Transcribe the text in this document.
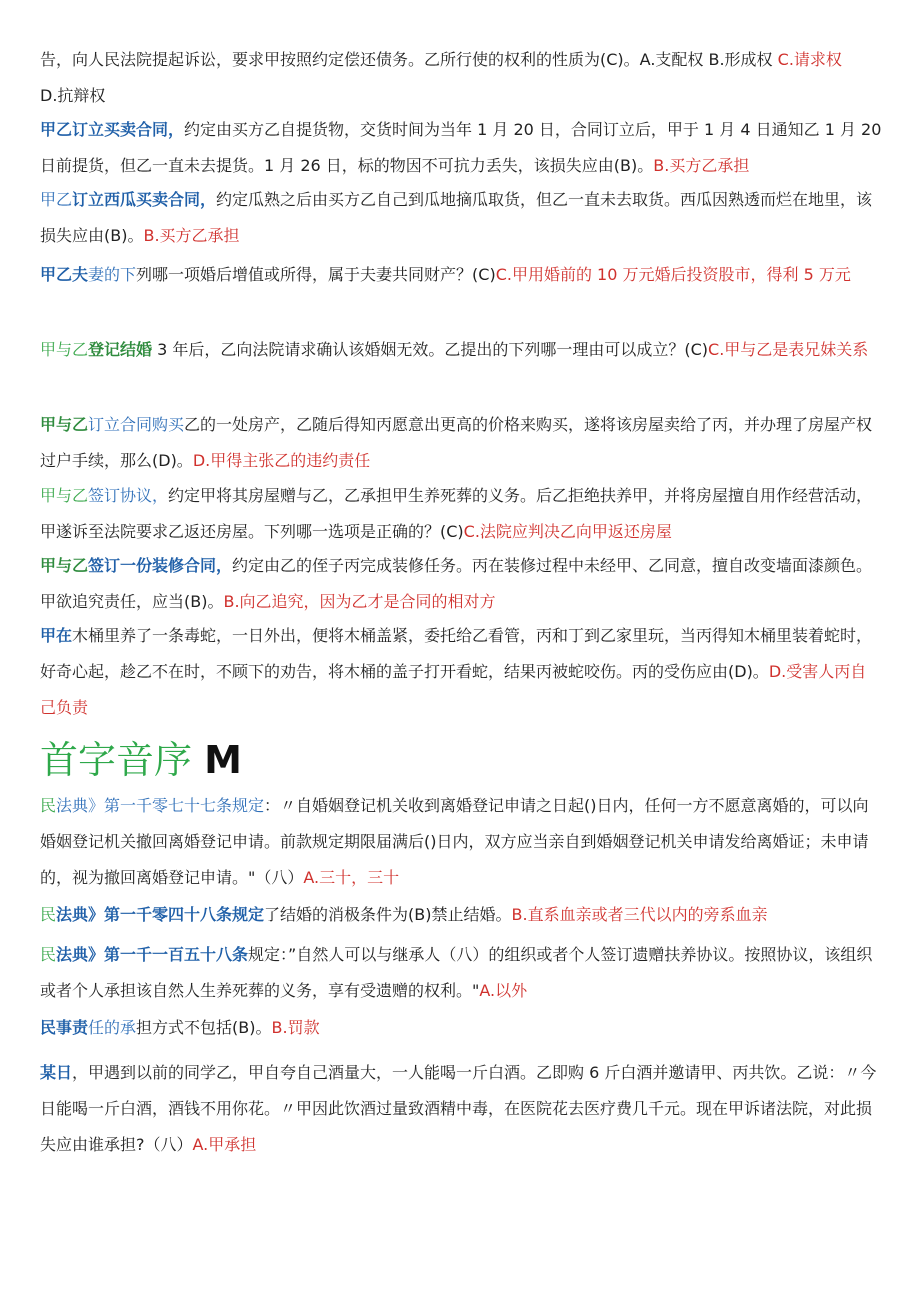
告，向人民法院提起诉讼，要求甲按照约定偿还债务。乙所行使的权利的性质为(C)。A.支配权 B.形成权 C.请求权
D.抗辩权

甲乙订立买卖合同，约定由买方乙自提货物，交货时间为当年 1 月 20 日，合同订立后，甲于 1 月 4 日通知乙 1 月 20 日前提货，但乙一直未去提货。1 月 26 日，标的物因不可抗力丢失，该损失应由(B)。B.买方乙承担

甲乙订立西瓜买卖合同，约定瓜熟之后由买方乙自己到瓜地摘瓜取货，但乙一直未去取货。西瓜因熟透而烂在地里，该损失应由(B)。B.买方乙承担

甲乙夫妻的下列哪一项婚后增值或所得，属于夫妻共同财产？(C)C.甲用婚前的 10 万元婚后投资股市，得利 5 万元

甲与乙登记结婚 3 年后，乙向法院请求确认该婚姻无效。乙提出的下列哪一理由可以成立？(C)C.甲与乙是表兄妹关系

甲与乙订立合同购买乙的一处房产，乙随后得知丙愿意出更高的价格来购买，遂将该房屋卖给了丙，并办理了房屋产权过户手续，那么(D)。D.甲得主张乙的违约责任

甲与乙签订协议，约定甲将其房屋赠与乙，乙承担甲生养死葬的义务。后乙拒绝扶养甲，并将房屋擅自用作经营活动，甲遂诉至法院要求乙返还房屋。下列哪一选项是正确的？(C)C.法院应判决乙向甲返还房屋

甲与乙签订一份装修合同，约定由乙的侄子丙完成装修任务。丙在装修过程中未经甲、乙同意，擅自改变墙面漆颜色。甲欲追究责任，应当(B)。B.向乙追究，因为乙才是合同的相对方

甲在木桶里养了一条毒蛇，一日外出，便将木桶盖紧，委托给乙看管，丙和丁到乙家里玩，当丙得知木桶里装着蛇时，好奇心起，趁乙不在时，不顾下的劝告，将木桶的盖子打开看蛇，结果丙被蛇咬伤。丙的受伤应由(D)。D.受害人丙自己负责

首字音序 M

民法典》第一千零七十七条规定：〃自婚姻登记机关收到离婚登记申请之日起()日内，任何一方不愿意离婚的，可以向婚姻登记机关撤回离婚登记申请。前款规定期限届满后()日内，双方应当亲自到婚姻登记机关申请发给离婚证；未申请的，视为撤回离婚登记申请。"（八）A.三十，三十

民法典》第一千零四十八条规定了结婚的消极条件为(B)禁止结婚。B.直系血亲或者三代以内的旁系血亲

民法典》第一千一百五十八条规定：”自然人可以与继承人（八）的组织或者个人签订遗赠扶养协议。按照协议，该组织或者个人承担该自然人生养死葬的义务，享有受遗赠的权利。"A.以外

民事责任的承担方式不包括(B)。B.罚款

某日，甲遇到以前的同学乙，甲自夸自己酒量大，一人能喝一斤白酒。乙即购 6 斤白酒并邀请甲、丙共饮。乙说：〃今日能喝一斤白酒，酒钱不用你花。〃甲因此饮酒过量致酒精中毒，在医院花去医疗费几千元。现在甲诉诸法院，对此损失应由谁承担?（八）A.甲承担
